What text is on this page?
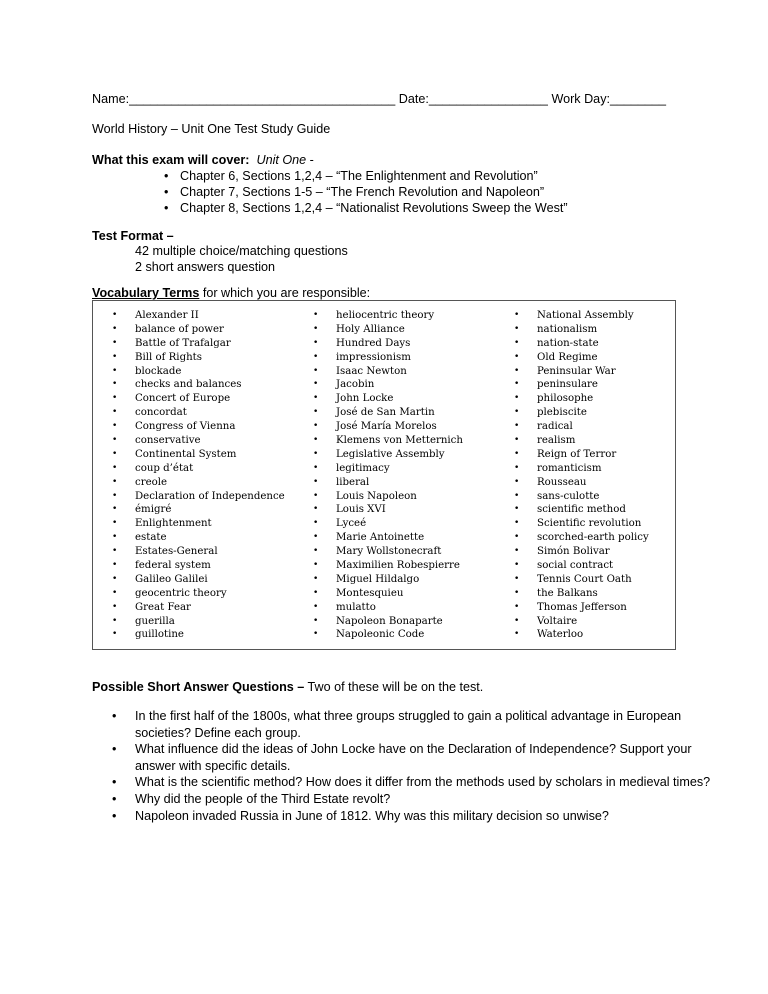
Name:______________________________________ Date:_________________ Work Day:________
World History – Unit One Test Study Guide
What this exam will cover: Unit One -
• Chapter 6, Sections 1,2,4 – “The Enlightenment and Revolution”
• Chapter 7, Sections 1-5 – “The French Revolution and Napoleon”
• Chapter 8, Sections 1,2,4 – “Nationalist Revolutions Sweep the West”
Test Format –
42 multiple choice/matching questions
2 short answers question
Vocabulary Terms for which you are responsible:
• Alexander II
• balance of power
• Battle of Trafalgar
• Bill of Rights
• blockade
• checks and balances
• Concert of Europe
• concordat
• Congress of Vienna
• conservative
• Continental System
• coup d’état
• creole
• Declaration of Independence
• émigré
• Enlightenment
• estate
• Estates-General
• federal system
• Galileo Galilei
• geocentric theory
• Great Fear
• guerilla
• guillotine
• heliocentric theory
• Holy Alliance
• Hundred Days
• impressionism
• Isaac Newton
• Jacobin
• John Locke
• José de San Martin
• José María Morelos
• Klemens von Metternich
• Legislative Assembly
• legitimacy
• liberal
• Louis Napoleon
• Louis XVI
• Lyceé
• Marie Antoinette
• Mary Wollstonecraft
• Maximilien Robespierre
• Miguel Hildalgo
• Montesquieu
• mulatto
• Napoleon Bonaparte
• Napoleonic Code
• National Assembly
• nationalism
• nation-state
• Old Regime
• Peninsular War
• peninsulare
• philosophe
• plebiscite
• radical
• realism
• Reign of Terror
• romanticism
• Rousseau
• sans-culotte
• scientific method
• Scientific revolution
• scorched-earth policy
• Simón Bolivar
• social contract
• Tennis Court Oath
• the Balkans
• Thomas Jefferson
• Voltaire
• Waterloo
Possible Short Answer Questions – Two of these will be on the test.
• In the first half of the 1800s, what three groups struggled to gain a political advantage in European societies? Define each group.
• What influence did the ideas of John Locke have on the Declaration of Independence? Support your answer with specific details.
• What is the scientific method? How does it differ from the methods used by scholars in medieval times?
• Why did the people of the Third Estate revolt?
• Napoleon invaded Russia in June of 1812. Why was this military decision so unwise?
